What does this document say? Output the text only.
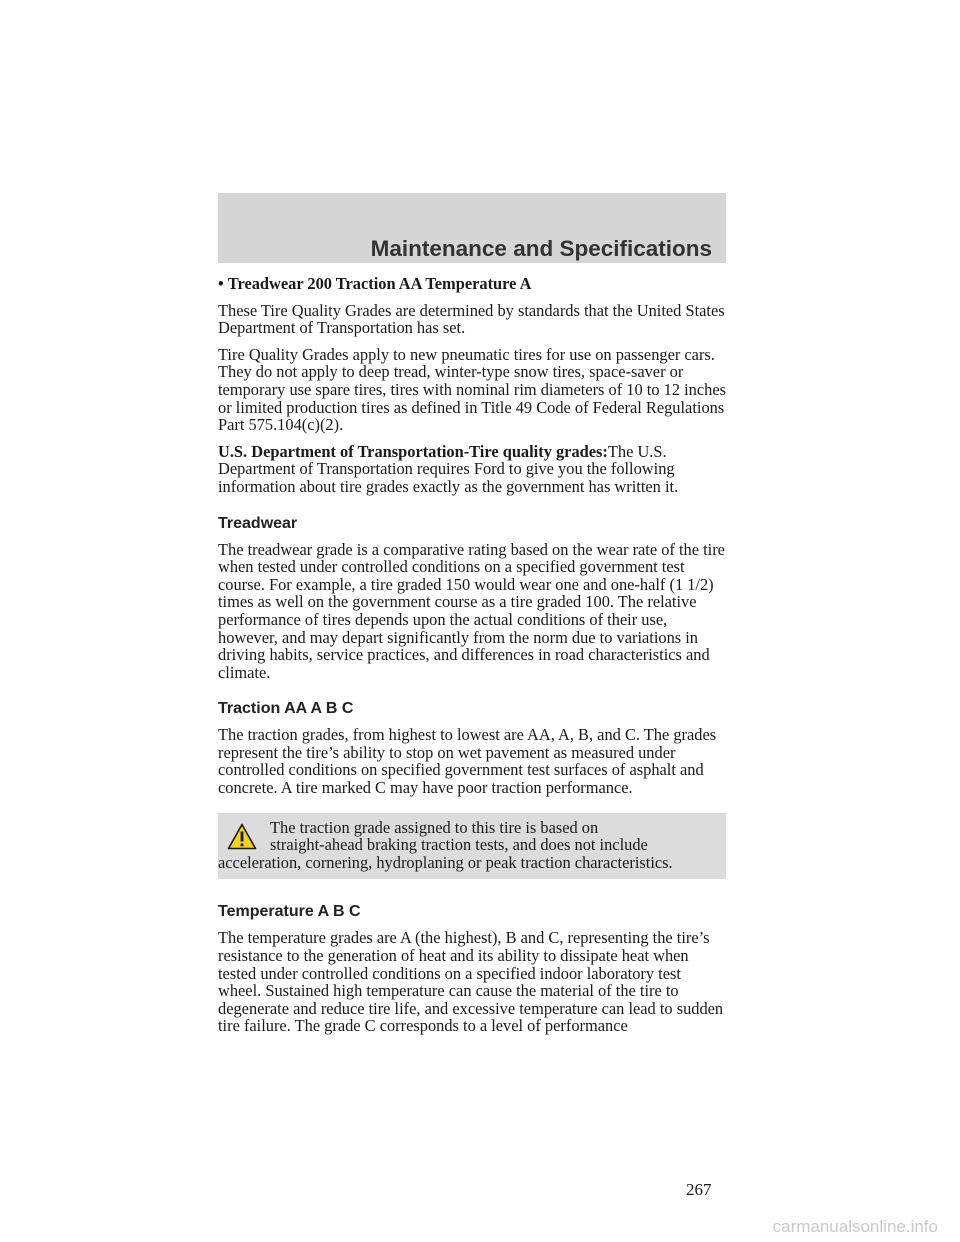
Maintenance and Specifications

• Treadwear 200 Traction AA Temperature A

These Tire Quality Grades are determined by standards that the United States Department of Transportation has set.

Tire Quality Grades apply to new pneumatic tires for use on passenger cars. They do not apply to deep tread, winter-type snow tires, space-saver or temporary use spare tires, tires with nominal rim diameters of 10 to 12 inches or limited production tires as defined in Title 49 Code of Federal Regulations Part 575.104(c)(2).

U.S. Department of Transportation-Tire quality grades:The U.S. Department of Transportation requires Ford to give you the following information about tire grades exactly as the government has written it.

Treadwear

The treadwear grade is a comparative rating based on the wear rate of the tire when tested under controlled conditions on a specified government test course. For example, a tire graded 150 would wear one and one-half (1 1/2) times as well on the government course as a tire graded 100. The relative performance of tires depends upon the actual conditions of their use, however, and may depart significantly from the norm due to variations in driving habits, service practices, and differences in road characteristics and climate.

Traction AA A B C

The traction grades, from highest to lowest are AA, A, B, and C. The grades represent the tire’s ability to stop on wet pavement as measured under controlled conditions on specified government test surfaces of asphalt and concrete. A tire marked C may have poor traction performance.

The traction grade assigned to this tire is based on
straight-ahead braking traction tests, and does not include
acceleration, cornering, hydroplaning or peak traction characteristics.
Temperature A B C

The temperature grades are A (the highest), B and C, representing the tire’s resistance to the generation of heat and its ability to dissipate heat when tested under controlled conditions on a specified indoor laboratory test wheel. Sustained high temperature can cause the material of the tire to degenerate and reduce tire life, and excessive temperature can lead to sudden tire failure. The grade C corresponds to a level of performance

267
carmanualsonline.info
